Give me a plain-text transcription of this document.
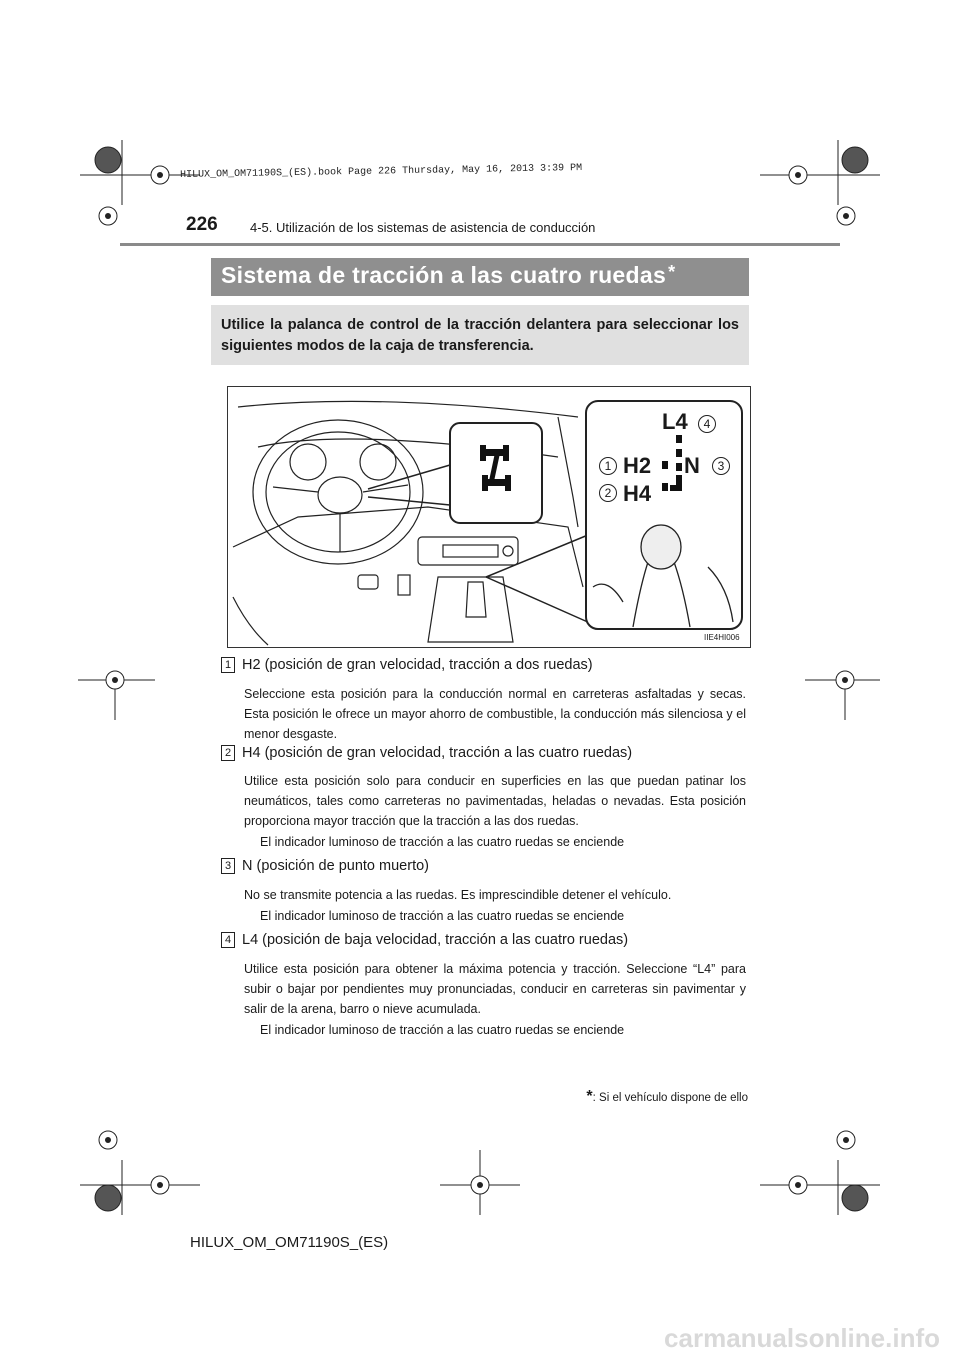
HILUX_OM_OM71190S_(ES).book Page 226 Thursday, May 16, 2013 3:39 PM
226 4-5. Utilización de los sistemas de asistencia de conducción
Sistema de tracción a las cuatro ruedas *
Utilice la palanca de control de la tracción delantera para seleccionar los siguientes modos de la caja de transferencia.
L4
H2 N
H4
4
1	3
2
IIE4HI006
1 H2 (posición de gran velocidad, tracción a dos ruedas)
Seleccione esta posición para la conducción normal en carreteras asfaltadas y secas. Esta posición le ofrece un mayor ahorro de combustible, la conducción más silenciosa y el menor desgaste.
2 H4 (posición de gran velocidad, tracción a las cuatro ruedas)
Utilice esta posición solo para conducir en superficies en las que puedan patinar los neumáticos, tales como carreteras no pavimentadas, heladas o nevadas. Esta posición proporciona mayor tracción que la tracción a las dos ruedas.
El indicador luminoso de tracción a las cuatro ruedas se enciende
3 N (posición de punto muerto)
No se transmite potencia a las ruedas. Es imprescindible detener el vehículo.
El indicador luminoso de tracción a las cuatro ruedas se enciende
4 L4 (posición de baja velocidad, tracción a las cuatro ruedas)
Utilice esta posición para obtener la máxima potencia y tracción. Seleccione “L4” para subir o bajar por pendientes muy pronunciadas, conducir en carreteras sin pavimentar y salir de la arena, barro o nieve acumulada.
El indicador luminoso de tracción a las cuatro ruedas se enciende
*: Si el vehículo dispone de ello
HILUX_OM_OM71190S_(ES)
carmanualsonline.info
